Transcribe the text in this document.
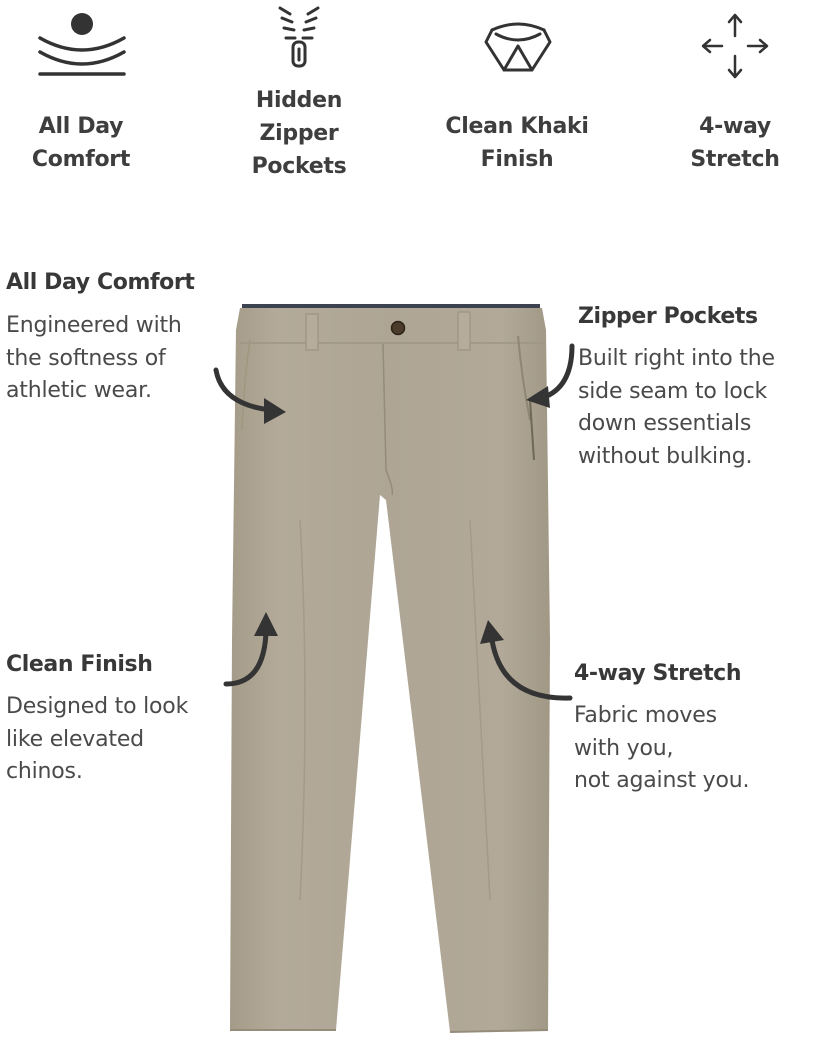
All Day
Comfort
Hidden
Zipper
Pockets
Clean Khaki
Finish
4-way
Stretch
All Day Comfort
Engineered with
the softness of
athletic wear.
Zipper Pockets
Built right into the
side seam to lock
down essentials
without bulking.
Clean Finish
Designed to look
like elevated
chinos.
4-way Stretch
Fabric moves
with you,
not against you.
